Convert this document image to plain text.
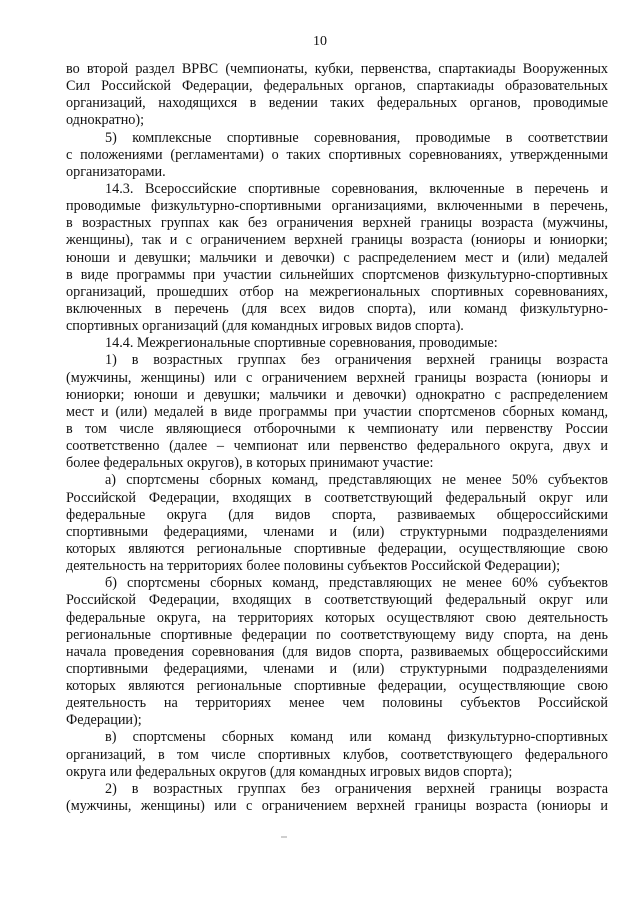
10
во второй раздел ВРВС (чемпионаты, кубки, первенства, спартакиады Вооруженных
Сил Российской Федерации, федеральных органов, спартакиады образовательных
организаций, находящихся в ведении таких федеральных органов, проводимые
однократно);
5) комплексные спортивные соревнования, проводимые в соответствии
с положениями (регламентами) о таких спортивных соревнованиях, утвержденными
организаторами.
14.3. Всероссийские спортивные соревнования, включенные в перечень и
проводимые физкультурно-спортивными организациями, включенными в перечень,
в возрастных группах как без ограничения верхней границы возраста (мужчины,
женщины), так и с ограничением верхней границы возраста (юниоры и юниорки;
юноши и девушки; мальчики и девочки) с распределением мест и (или) медалей
в виде программы при участии сильнейших спортсменов физкультурно-спортивных
организаций, прошедших отбор на межрегиональных спортивных соревнованиях,
включенных в перечень (для всех видов спорта), или команд физкультурно-
спортивных организаций (для командных игровых видов спорта).
14.4. Межрегиональные спортивные соревнования, проводимые:
1) в возрастных группах без ограничения верхней границы возраста
(мужчины, женщины) или с ограничением верхней границы возраста (юниоры и
юниорки; юноши и девушки; мальчики и девочки) однократно с распределением
мест и (или) медалей в виде программы при участии спортсменов сборных команд,
в том числе являющиеся отборочными к чемпионату или первенству России
соответственно (далее – чемпионат или первенство федерального округа, двух и
более федеральных округов), в которых принимают участие:
а) спортсмены сборных команд, представляющих не менее 50% субъектов
Российской Федерации, входящих в соответствующий федеральный округ или
федеральные округа (для видов спорта, развиваемых общероссийскими
спортивными федерациями, членами и (или) структурными подразделениями
которых являются региональные спортивные федерации, осуществляющие свою
деятельность на территориях более половины субъектов Российской Федерации);
б) спортсмены сборных команд, представляющих не менее 60% субъектов
Российской Федерации, входящих в соответствующий федеральный округ или
федеральные округа, на территориях которых осуществляют свою деятельность
региональные спортивные федерации по соответствующему виду спорта, на день
начала проведения соревнования (для видов спорта, развиваемых общероссийскими
спортивными федерациями, членами и (или) структурными подразделениями
которых являются региональные спортивные федерации, осуществляющие свою
деятельность на территориях менее чем половины субъектов Российской
Федерации);
в) спортсмены сборных команд или команд физкультурно-спортивных
организаций, в том числе спортивных клубов, соответствующего федерального
округа или федеральных округов (для командных игровых видов спорта);
2) в возрастных группах без ограничения верхней границы возраста
(мужчины, женщины) или с ограничением верхней границы возраста (юниоры и
